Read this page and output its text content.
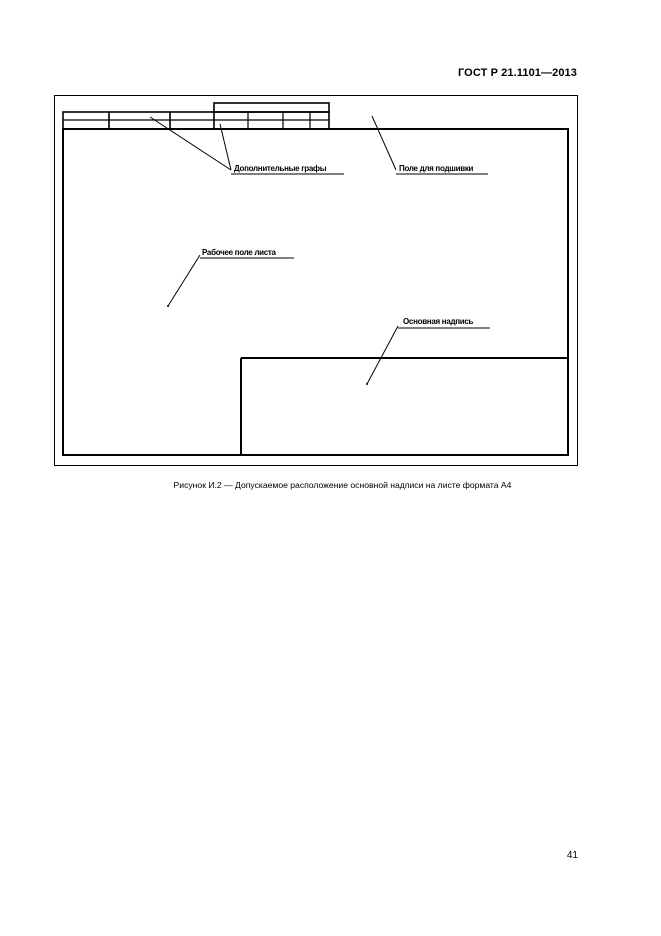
ГОСТ Р 21.1101—2013
Дополнительные графы	Поле для подшивки
Рабочее поле листа
Основная надпись
Рисунок И.2 — Допускаемое расположение основной надписи на листе формата А4
41
